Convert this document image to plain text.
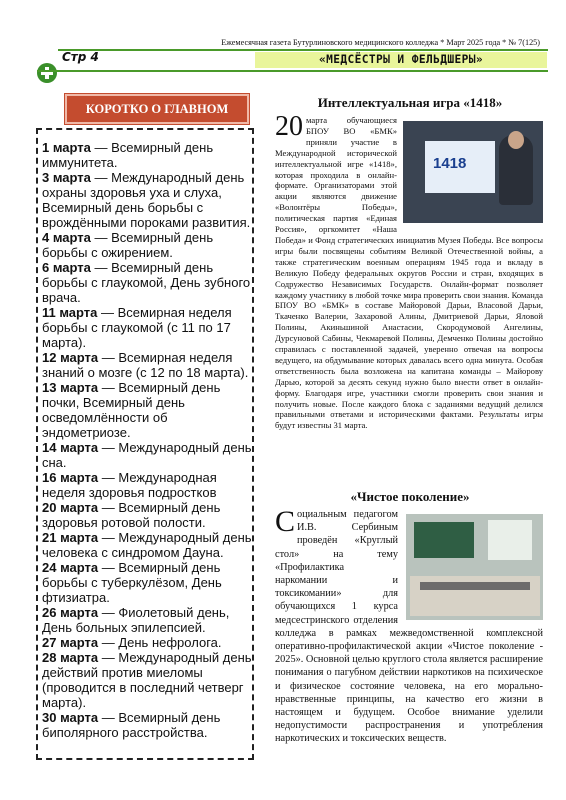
Ежемесячная газета Бутурлиновского медицинского колледжа * Март 2025 года * № 7(125)
Стр 4	«МЕДСЁСТРЫ И ФЕЛЬДШЕРЫ»
КОРОТКО О ГЛАВНОМ

1 марта — Всемирный день иммунитета.

3 марта — Международный день охраны здоровья уха и слуха, Всемирный день борьбы с врождёнными пороками развития.

4 марта — Всемирный день борьбы с ожирением.

6 марта — Всемирный день борьбы с глаукомой, День зубного врача.

11 марта — Всемирная неделя борьбы с глаукомой (с 11 по 17 марта).

12 марта — Всемирная неделя знаний о мозге (с 12 по 18 марта).

13 марта — Всемирный день почки, Всемирный день осведомлённости об эндометриозе.

14 марта — Международный день сна.

16 марта — Международная неделя здоровья подростков

20 марта — Всемирный день здоровья ротовой полости.

21 марта — Международный день человека с синдромом Дауна.

24 марта — Всемирный день борьбы с туберкулёзом, День фтизиатра.

26 марта — Фиолетовый день, День больных эпилепсией.

27 марта — День нефролога.

28 марта — Международный день действий против миеломы (проводится в последний четверг марта).

30 марта — Всемирный день биполярного расстройства.

Интеллектуальная игра «1418»
20
1418
марта обучающиеся БПОУ ВО «БМК» приняли участие в Международной исторической интеллектуальной игре «1418», которая проходила в онлайн-формате. Организаторами этой акции являются движение «Волонтёры Победы», политическая партия «Единая Россия», оргкомитет «Наша Победа» и Фонд стратегических инициатив Музея Победы. Все вопросы игры были посвящены событиям Великой Отечественной войны, а также стратегическим военным операциям 1945 года и вкладу в Великую Победу федеральных округов России и стран, входящих в Содружество Независимых Государств. Онлайн-формат позволяет каждому участнику в любой точке мира проверить свои знания. Команда БПОУ ВО «БМК» в составе Майоровой Дарьи, Власовой Дарьи, Ткаченко Валерии, Захаровой Алины, Дмитриевой Дарьи, Яловой Полины, Акиньшиной Анастасии, Скородумовой Ангелины, Дурсуновой Сабины, Чекмаревой Полины, Демченко Полины достойно справилась с поставленной задачей, уверенно отвечая на вопросы ведущего, на обдумывание которых давалась всего одна минута. Особая ответственность была возложена на капитана команды – Майорову Дарью, которой за десять секунд нужно было внести ответ в онлайн-форму. Благодаря игре, участники смогли проверить свои знания и получить новые. После каждого блока с заданиями ведущий делился правильными ответами и историческими фактами. Результаты игры будут известны 31 марта.
«Чистое поколение»
С оциальным педагогом И.В. Сербиным проведён «Круглый стол» на тему «Профилактика наркомании и токсикомании» для обучающихся 1 курса медсестринского отделения колледжа в рамках межведомственной комплексной оперативно-профилактической акции «Чистое поколение - 2025». Основной целью круглого стола является расширение понимания о пагубном действии наркотиков на психическое и физическое состояние человека, на его морально-нравственные принципы, на качество его жизни в настоящем и будущем. Особое внимание уделили недопустимости распространения и употребления наркотических и токсических веществ.
